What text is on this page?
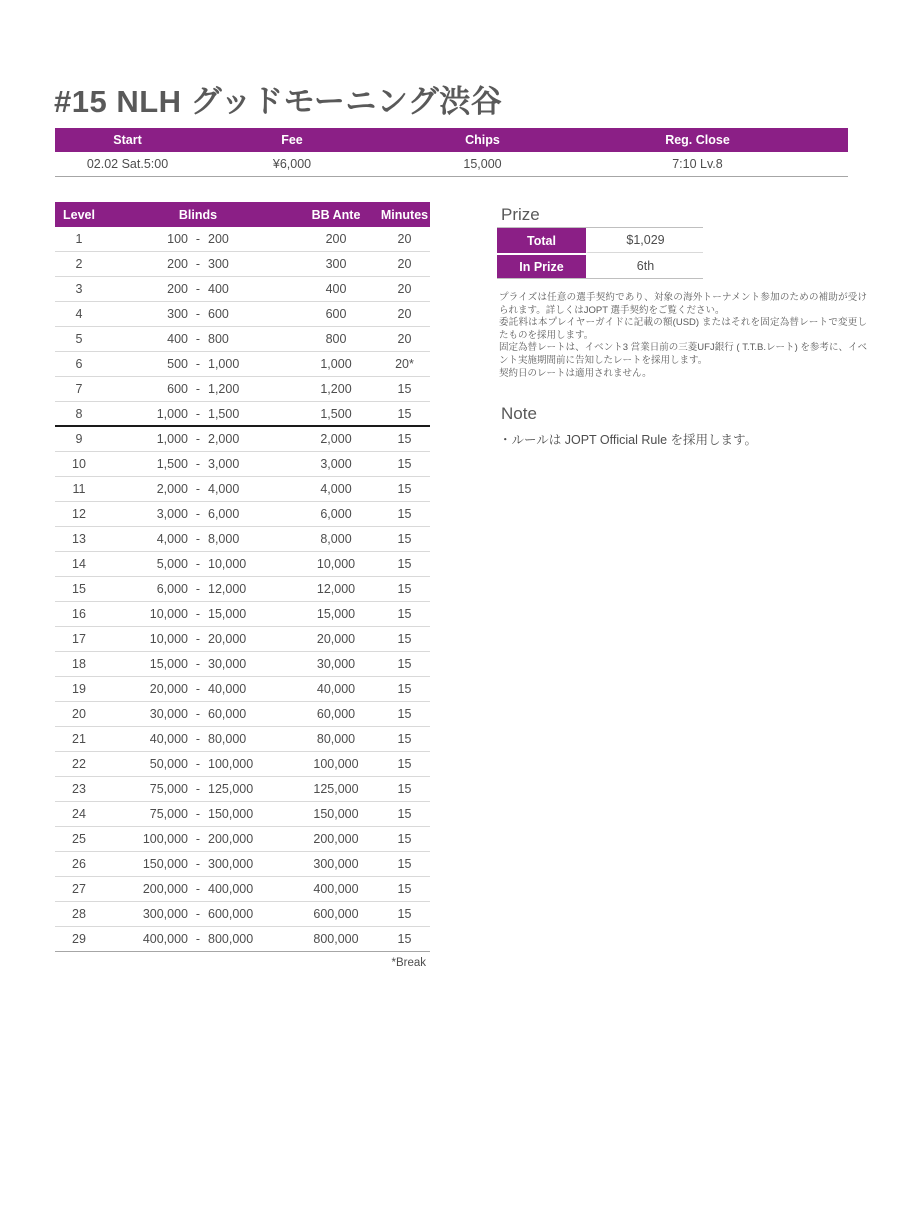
#15 NLH グッドモーニング渋谷
Start	Fee	Chips	Reg. Close
02.02 Sat.5:00	¥6,000	15,000	7:10 Lv.8
Level	Blinds	BB Ante	Minutes
1	100 - 200	200	20
2	200 - 300	300	20
3	200 - 400	400	20
4	300 - 600	600	20
5	400 - 800	800	20
6	500 - 1,000	1,000	20*
7	600 - 1,200	1,200	15
8	1,000 - 1,500	1,500	15
9	1,000 - 2,000	2,000	15
10	1,500 - 3,000	3,000	15
11	2,000 - 4,000	4,000	15
12	3,000 - 6,000	6,000	15
13	4,000 - 8,000	8,000	15
14	5,000 - 10,000	10,000	15
15	6,000 - 12,000	12,000	15
16	10,000 - 15,000	15,000	15
17	10,000 - 20,000	20,000	15
18	15,000 - 30,000	30,000	15
19	20,000 - 40,000	40,000	15
20	30,000 - 60,000	60,000	15
21	40,000 - 80,000	80,000	15
22	50,000 - 100,000	100,000	15
23	75,000 - 125,000	125,000	15
24	75,000 - 150,000	150,000	15
25	100,000 - 200,000	200,000	15
26	150,000 - 300,000	300,000	15
27	200,000 - 400,000	400,000	15
28	300,000 - 600,000	600,000	15
29	400,000 - 800,000	800,000	15
*Break
Prize
Total	$1,029
In Prize	6th

プライズは任意の選手契約であり、対象の海外トーナメント参加のための補助が受けられます。詳しくはJOPT 選手契約をご覧ください。

委託料は本プレイヤーガイドに記載の額(USD) またはそれを固定為替レートで変更したものを採用します。

固定為替レートは、イベント3 営業日前の三菱UFJ銀行 ( T.T.B.レート) を参考に、イベント実施期間前に告知したレートを採用します。

契約日のレートは適用されません。

Note
・ルールは JOPT Official Rule を採用します。
